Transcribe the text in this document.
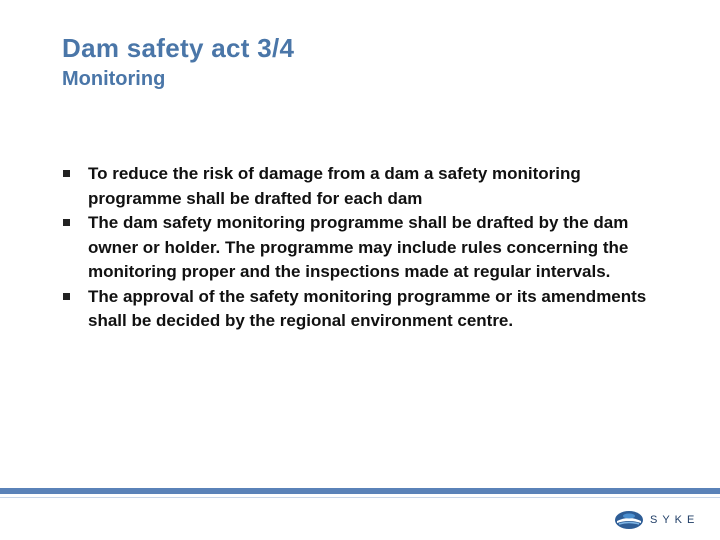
Dam safety act 3/4
Monitoring
To reduce the risk of damage from a dam a safety monitoring programme shall be drafted for each dam
The dam safety monitoring programme shall be drafted by the dam owner or holder. The programme may include rules concerning the monitoring proper and the inspections made at regular intervals.
The approval of the safety monitoring programme or its amendments shall be decided by the regional environment centre.
SYKE
